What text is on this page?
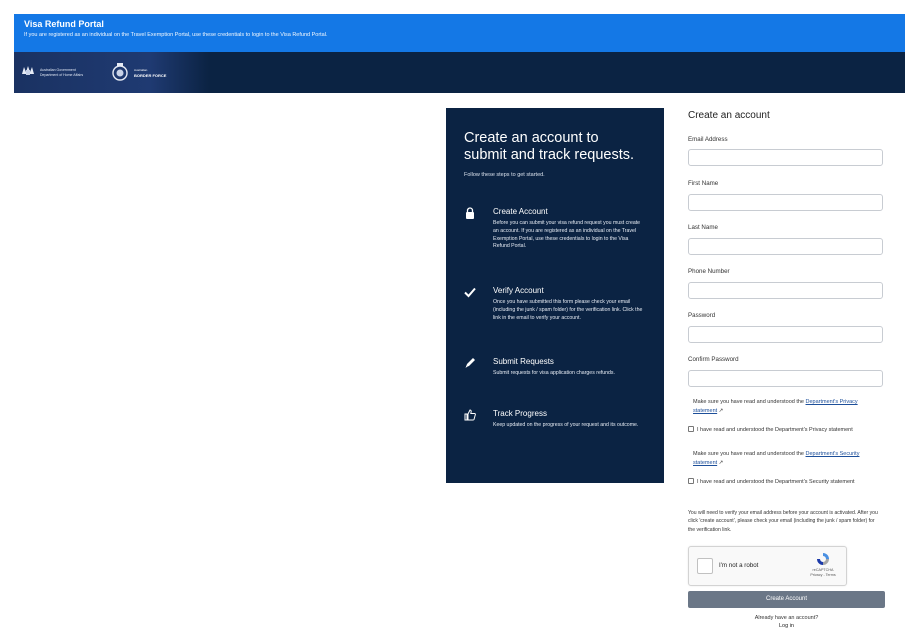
Visa Refund Portal
If you are registered as an individual on the Travel Exemption Portal, use these credentials to login to the Visa Refund Portal.
Australian Government
Department of Home Affairs
Australian
BORDER FORCE
Create an account to submit and track requests.
Follow these steps to get started.
Create Account
Before you can submit your visa refund request you must create an account. If you are registered as an individual on the Travel Exemption Portal, use these credentials to login to the Visa Refund Portal.
Verify Account
Once you have submitted this form please check your email (including the junk / spam folder) for the verification link. Click the link in the email to verify your account.
Submit Requests
Submit requests for visa application charges refunds.
Track Progress
Keep updated on the progress of your request and its outcome.
Create an account
Email Address
First Name
Last Name
Phone Number
Password
Confirm Password
Make sure you have read and understood the Department's Privacy statement ↗
I have read and understood the Department's Privacy statement
Make sure you have read and understood the Department's Security statement ↗
I have read and understood the Department's Security statement
You will need to verify your email address before your account is activated. After you click 'create account', please check your email (including the junk / spam folder) for the verification link.
I'm not a robot
reCAPTCHA
Privacy - Terms
Create Account
Already have an account?
Log in
